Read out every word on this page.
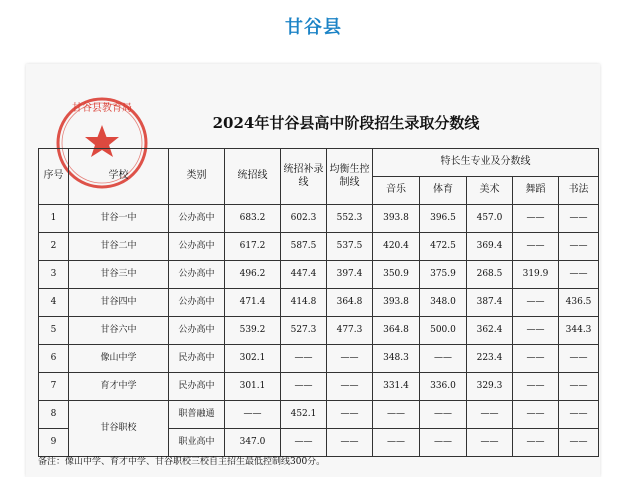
甘谷县
甘谷县教育局
2024年甘谷县高中阶段招生录取分数线
序号	学校	类别	统招线	统招补录线	均衡生控制线	特长生专业及分数线				
						音乐	体育	美术	舞蹈	书法
1	甘谷一中	公办高中	683.2	602.3	552.3	393.8	396.5	457.0	——	——
2	甘谷二中	公办高中	617.2	587.5	537.5	420.4	472.5	369.4	——	——
3	甘谷三中	公办高中	496.2	447.4	397.4	350.9	375.9	268.5	319.9	——
4	甘谷四中	公办高中	471.4	414.8	364.8	393.8	348.0	387.4	——	436.5
5	甘谷六中	公办高中	539.2	527.3	477.3	364.8	500.0	362.4	——	344.3
6	像山中学	民办高中	302.1	——	——	348.3	——	223.4	——	——
7	育才中学	民办高中	301.1	——	——	331.4	336.0	329.3	——	——
8	甘谷职校	职普融通	——	452.1	——	——	——	——	——	——
9		职业高中	347.0	——	——	——	——	——	——	——
备注：像山中学、育才中学、甘谷职校三校自主招生最低控制线300分。
